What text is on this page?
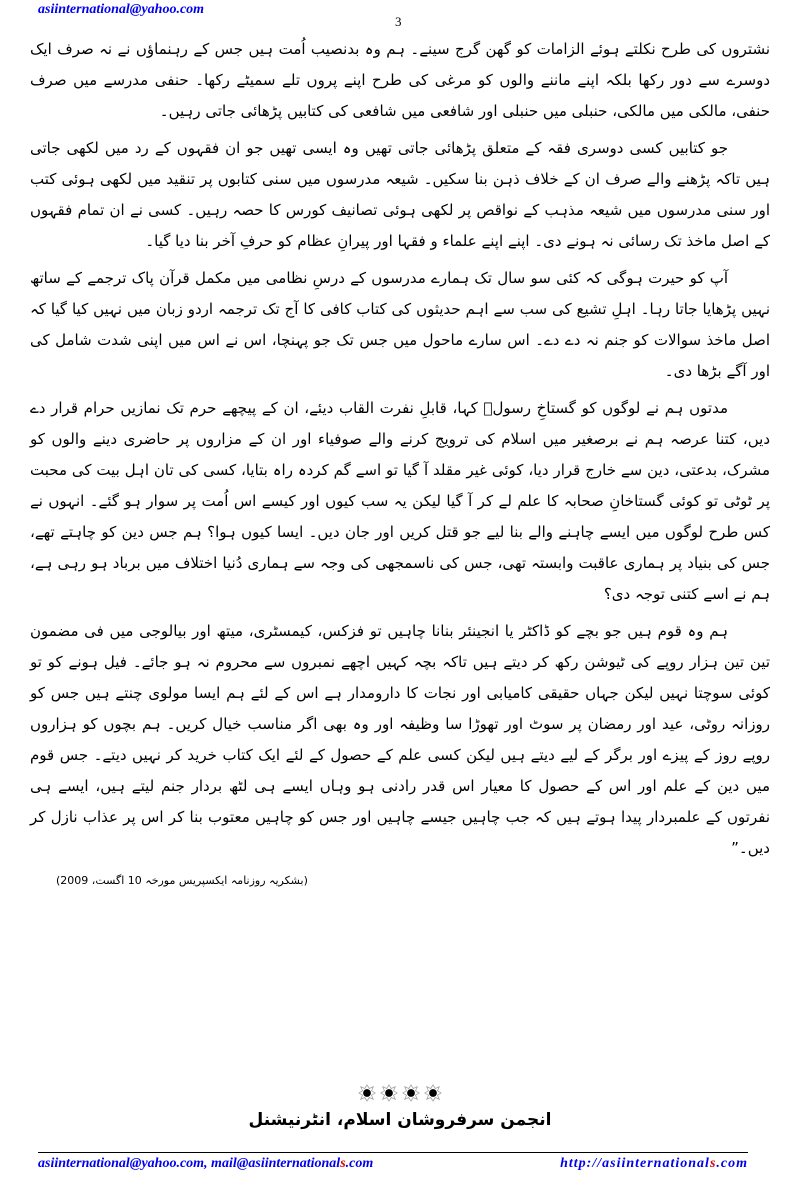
asiinternational@yahoo.com
3

نشتروں کی طرح نکلتے ہوئے الزامات کو گھن گرج سینے۔ ہم وہ بدنصیب اُمت ہیں جس کے رہنماؤں نے نہ صرف ایک دوسرے سے دور رکھا بلکہ اپنے ماننے والوں کو مرغی کی طرح اپنے پروں تلے سمیٹے رکھا۔ حنفی مدرسے میں صرف حنفی، مالکی میں مالکی، حنبلی میں حنبلی اور شافعی میں شافعی کی کتابیں پڑھائی جاتی رہیں۔

جو کتابیں کسی دوسری فقہ کے متعلق پڑھائی جاتی تھیں وہ ایسی تھیں جو ان فقہوں کے رد میں لکھی جاتی ہیں تاکہ پڑھنے والے صرف ان کے خلاف ذہن بنا سکیں۔ شیعہ مدرسوں میں سنی کتابوں پر تنقید میں لکھی ہوئی کتب اور سنی مدرسوں میں شیعہ مذہب کے نواقص پر لکھی ہوئی تصانیف کورس کا حصہ رہیں۔ کسی نے ان تمام فقہوں کے اصل ماخذ تک رسائی نہ ہونے دی۔ اپنے اپنے علماء و فقہا اور پیرانِ عظام کو حرفِ آخر بنا دیا گیا۔

آپ کو حیرت ہوگی کہ کئی سو سال تک ہمارے مدرسوں کے درسِ نظامی میں مکمل قرآن پاک ترجمے کے ساتھ نہیں پڑھایا جاتا رہا۔ اہلِ تشیع کی سب سے اہم حدیثوں کی کتاب کافی کا آج تک ترجمہ اردو زبان میں نہیں کیا گیا کہ اصل ماخذ سوالات کو جنم نہ دے دے۔ اس سارے ماحول میں جس تک جو پہنچا، اس نے اس میں اپنی شدت شامل کی اور آگے بڑھا دی۔

مدتوں ہم نے لوگوں کو گستاخِ رسولؐ کہا، قابلِ نفرت القاب دیئے، ان کے پیچھے حرم تک نمازیں حرام قرار دے دیں، کتنا عرصہ ہم نے برصغیر میں اسلام کی ترویج کرنے والے صوفیاء اور ان کے مزاروں پر حاضری دینے والوں کو مشرک، بدعتی، دین سے خارج قرار دیا، کوئی غیر مقلد آ گیا تو اسے گم کردہ راہ بتایا، کسی کی تان اہل بیت کی محبت پر ٹوٹی تو کوئی گستاخانِ صحابہ کا علم لے کر آ گیا لیکن یہ سب کیوں اور کیسے اس اُمت پر سوار ہو گئے۔ انہوں نے کس طرح لوگوں میں ایسے چاہنے والے بنا لیے جو قتل کریں اور جان دیں۔ ایسا کیوں ہوا؟ ہم جس دین کو چاہتے تھے، جس کی بنیاد پر ہماری عاقبت وابستہ تھی، جس کی ناسمجھی کی وجہ سے ہماری دُنیا اختلاف میں برباد ہو رہی ہے، ہم نے اسے کتنی توجہ دی؟

ہم وہ قوم ہیں جو بچے کو ڈاکٹر یا انجینئر بنانا چاہیں تو فزکس، کیمسٹری، میتھ اور بیالوجی میں فی مضمون تین تین ہزار روپے کی ٹیوشن رکھ کر دیتے ہیں تاکہ بچہ کہیں اچھے نمبروں سے محروم نہ ہو جائے۔ فیل ہونے کو تو کوئی سوچتا نہیں لیکن جہاں حقیقی کامیابی اور نجات کا دارومدار ہے اس کے لئے ہم ایسا مولوی چنتے ہیں جس کو روزانہ روٹی، عید اور رمضان پر سوٹ اور تھوڑا سا وظیفہ اور وہ بھی اگر مناسب خیال کریں۔ ہم بچوں کو ہزاروں روپے روز کے پیزے اور برگر کے لیے دیتے ہیں لیکن کسی علم کے حصول کے لئے ایک کتاب خرید کر نہیں دیتے۔ جس قوم میں دین کے علم اور اس کے حصول کا معیار اس قدر رادنی ہو وہاں ایسے ہی لٹھ بردار جنم لیتے ہیں، ایسے ہی نفرتوں کے علمبردار پیدا ہوتے ہیں کہ جب چاہیں جیسے چاہیں اور جس کو چاہیں معتوب بنا کر اس پر عذاب نازل کر دیں۔”

(بشکریہ روزنامہ ایکسپریس مورخہ 10 اگست، 2009)
انجمن سرفروشان اسلام، انٹرنیشنل
asiinternational@yahoo.com, mail@asiinternationals.com	http://asiinternationals.com
